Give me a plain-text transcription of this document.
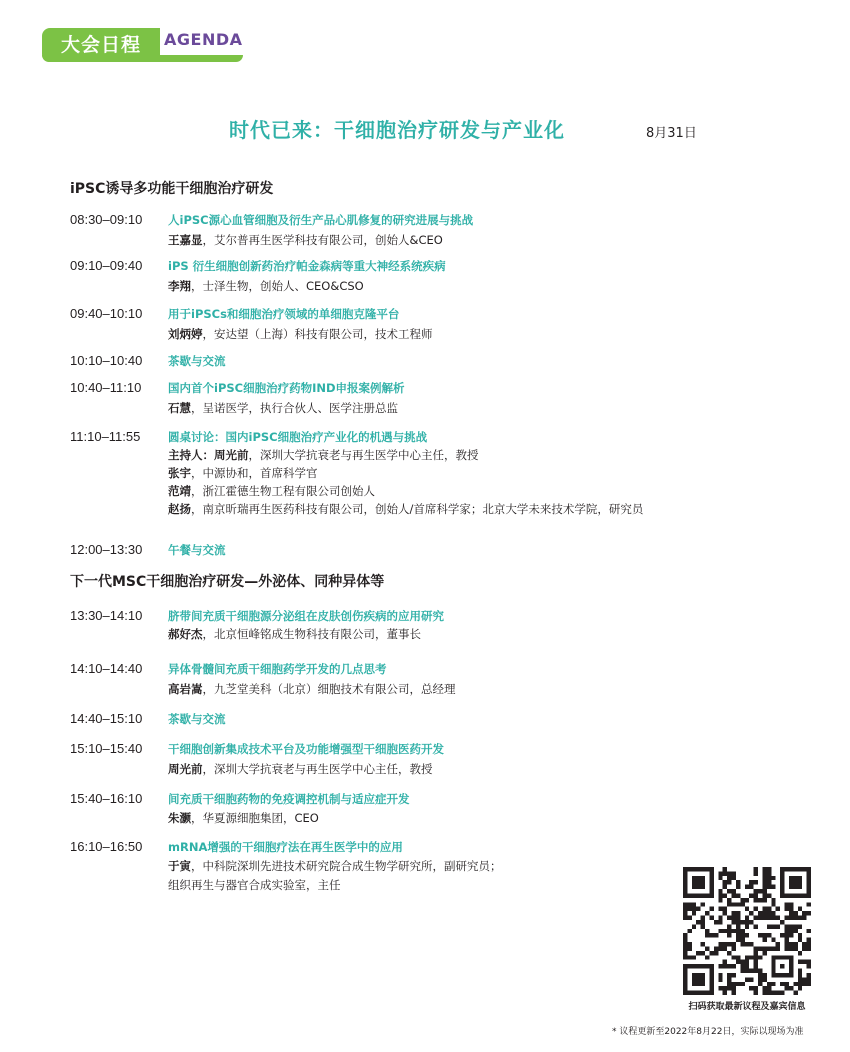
大会日程	AGENDA
时代已来：干细胞治疗研发与产业化	8月31日
iPSC诱导多功能干细胞治疗研发
下一代MSC干细胞治疗研发—外泌体、同种异体等
08:30–09:10 人iPSC源心血管细胞及衍生产品心肌修复的研究进展与挑战
王嘉显，艾尔普再生医学科技有限公司，创始人&CEO
09:10–09:40 iPS 衍生细胞创新药治疗帕金森病等重大神经系统疾病
李翔，士泽生物，创始人、CEO&CSO
09:40–10:10 用于iPSCs和细胞治疗领域的单细胞克隆平台
刘炳婷，安达望（上海）科技有限公司，技术工程师
10:10–10:40 茶歇与交流
10:40–11:10 国内首个iPSC细胞治疗药物IND申报案例解析
石慧，呈诺医学，执行合伙人、医学注册总监
11:10–11:55 圆桌讨论：国内iPSC细胞治疗产业化的机遇与挑战
主持人：周光前，深圳大学抗衰老与再生医学中心主任，教授
张宇，中源协和，首席科学官
范靖，浙江霍德生物工程有限公司创始人
赵扬，南京昕瑞再生医药科技有限公司，创始人/首席科学家；北京大学未来技术学院，研究员
12:00–13:30 午餐与交流
13:30–14:10 脐带间充质干细胞源分泌组在皮肤创伤疾病的应用研究
郝好杰，北京恒峰铭成生物科技有限公司，董事长
14:10–14:40 异体骨髓间充质干细胞药学开发的几点思考
高岩嵩，九芝堂美科（北京）细胞技术有限公司，总经理
14:40–15:10 茶歇与交流
15:10–15:40 干细胞创新集成技术平台及功能增强型干细胞医药开发
周光前，深圳大学抗衰老与再生医学中心主任，教授
15:40–16:10 间充质干细胞药物的免疫调控机制与适应症开发
朱灏，华夏源细胞集团，CEO
16:10–16:50 mRNA增强的干细胞疗法在再生医学中的应用
于寅，中科院深圳先进技术研究院合成生物学研究所，副研究员；
组织再生与器官合成实验室，主任
扫码获取最新议程及嘉宾信息
* 议程更新至2022年8月22日，实际以现场为准
